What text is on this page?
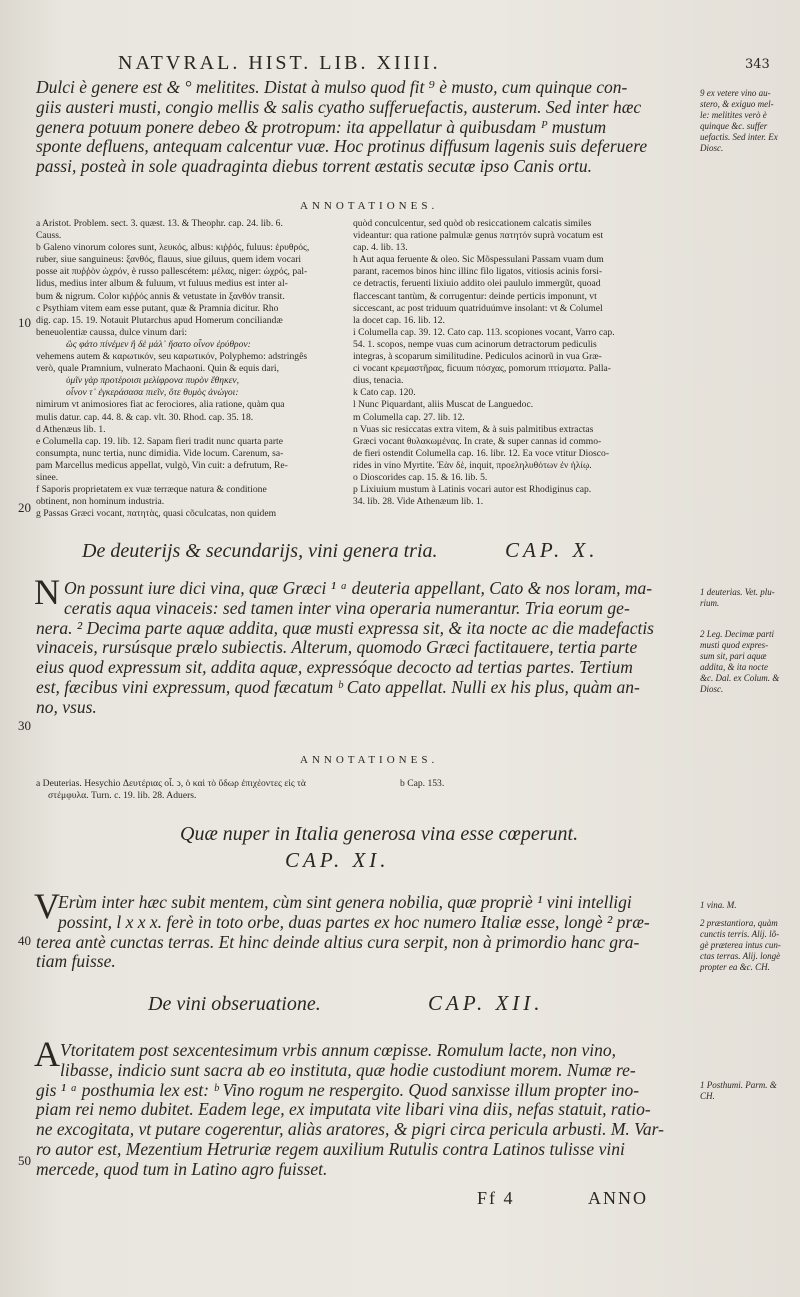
NATVRAL. HIST. LIB. XIIII.	343

Dulci è genere est & ° melitites. Distat à mulso quod fit ⁹ è musto, cum quinque con-

giis austeri musti, congio mellis & salis cyatho sufferuefactis, austerum. Sed inter hæc

genera potuum ponere debeo & protropum: ita appellatur à quibusdam ᴾ mustum

sponte defluens, antequam calcentur vuæ. Hoc protinus diffusum lagenis suis deferuere

passi, posteà in sole quadraginta diebus torrent æstatis secutæ ipso Canis ortu.

9 ex vetere vino au-
stero, & exiguo mel-
le: melitites verò è
quinque &c. suffer
uefactis. Sed inter. Ex
Diosc.
ANNOTATIONES.
a Aristot. Problem. sect. 3. quæst. 13. & Theophr. cap. 24. lib. 6.
Causs.
b Galeno vinorum colores sunt, λευκός, albus: κιῤῥός, fuluus: ἐρυθρός,
ruber, siue sanguineus: ξανθός, flauus, siue giluus, quem idem vocari
posse ait πυῤῥὸν ὠχρόν, è russo pallescétem: μέλας, niger: ὠχρός, pal-
lidus, medius inter album & fuluum, vt fuluus medius est inter al-
bum & nigrum. Color κιῤῥός annis & vetustate in ξανθόν transit.
c Psythiam vitem eam esse putant, quæ & Pramnia dicitur. Rho
dig. cap. 15. 19. Notauit Plutarchus apud Homerum conciliandæ
beneuolentiæ caussa, dulce vinum dari:
ὣς φάτο πίνέμεν ἢ δὲ μάλ᾽ ἤσατο οἶνον ἐρύθρον:
vehemens autem & καρωτικόν, seu καρωτικόν, Polyphemo: adstringês
verò, quale Pramnium, vulnerato Machaoni. Quin & equis dari,
ὑμῖν γὰρ προτέροισι μελίφρονα πυρὸν ἔθηκεν,
οἶνον τ᾽ ἐγκεράσασα πιεῖν, ὅτε θυμὸς ἀνώγοι:
nimirum vt animosiores fiat ac ferociores, alia ratione, quàm qua
mulis datur. cap. 44. 8. & cap. vlt. 30. Rhod. cap. 35. 18.
d Athenæus lib. 1.
e Columella cap. 19. lib. 12. Sapam fieri tradit nunc quarta parte
consumpta, nunc tertia, nunc dimidia. Vide locum. Carenum, sa-
pam Marcellus medicus appellat, vulgò, Vin cuit: a defrutum, Re-
sinee.
f Saporis proprietatem ex vuæ terræque natura & conditione
obtinent, non hominum industria.
g Passas Græci vocant, πατητὰς, quasi cõculcatas, non quidem
quòd conculcentur, sed quòd ob resiccationem calcatis similes
videantur: qua ratione palmulæ genus πατητόν suprà vocatum est
cap. 4. lib. 13.
h Aut aqua feruente & oleo. Sic Mõspessulani Passam vuam dum
parant, racemos binos hinc illinc filo ligatos, vitiosis acinis forsi-
ce detractis, feruenti lixiuio addito olei paululo immergũt, quoad
flaccescant tantùm, & corrugentur: deinde perticis imponunt, vt
siccescant, ac post triduum quatriduúmve insolant: vt & Columel
la docet cap. 16. lib. 12.
i Columella cap. 39. 12. Cato cap. 113. scopiones vocant, Varro cap.
54. 1. scopos, nempe vuas cum acinorum detractorum pediculis
integras, à scoparum similitudine. Pediculos acinorũ in vua Græ-
ci vocant κρεμαστῆρας, ficuum πόσχας, pomorum πτίσματα. Palla-
dius, tenacia.
k Cato cap. 120.
l Nunc Piquardant, aliis Muscat de Languedoc.
m Columella cap. 27. lib. 12.
n Vuas sic resiccatas extra vitem, & à suis palmitibus extractas
Græci vocant θυλακωμένας. In crate, & super cannas id commo-
de fieri ostendit Columella cap. 16. libr. 12. Ea voce vtitur Diosco-
rides in vino Myrtite. Ἐὰν δὲ, inquit, προεληλυθότων ἐν ἡλίῳ.
o Dioscorides cap. 15. & 16. lib. 5.
p Lixiuium mustum à Latinis vocari autor est Rhodiginus cap.
34. lib. 28. Vide Athenæum lib. 1.
De deuterijs & secundarijs, vini genera tria.	CAP. X.
N On possunt iure dici vina, quæ Græci ¹ ᵃ deuteria appellant, Cato & nos loram, ma-

ceratis aqua vinaceis: sed tamen inter vina operaria numerantur. Tria eorum ge-

nera. ² Decima parte aquæ addita, quæ musti expressa sit, & ita nocte ac die madefactis

vinaceis, rursúsque prælo subiectis. Alterum, quomodo Græci factitauere, tertia parte

eius quod expressum sit, addita aquæ, expressóque decocto ad tertias partes. Tertium

est, fæcibus vini expressum, quod fæcatum ᵇ Cato appellat. Nulli ex his plus, quàm an-

no, vsus.

1 deuterias. Vet. plu-
rium.
2 Leg. Decimæ parti
musti quod expres-
sum sit, pari aquæ
addita, & ita nocte
&c. Dal. ex Colum. &
Diosc.
ANNOTATIONES.
a Deuterias. Hesychio Δευτέριας οἶ. ↄ, ὁ καὶ τὸ ὕδωρ ἐπιχέοντες εἰς τὰ
στέμφυλα. Turn. c. 19. lib. 28. Aduers.
b Cap. 153.
Quæ nuper in Italia generosa vina esse cœperunt.
CAP. XI.
V

Erùm inter hæc subit mentem, cùm sint genera nobilia, quæ propriè ¹ vini intelligi

possint, l x x x. ferè in toto orbe, duas partes ex hoc numero Italiæ esse, longè ² præ-

terea antè cunctas terras. Et hinc deinde altius cura serpit, non à primordio hanc gra-

tiam fuisse.

1 vina. M.
2 præstantiora, quàm
cunctis terris. Alij. lõ-
gè præterea intus cun-
ctas terras. Alij. longè
propter ea &c. CH.
De vini obseruatione.	CAP. XII.
A Vtoritatem post sexcentesimum vrbis annum cœpisse. Romulum lacte, non vino,

libasse, indicio sunt sacra ab eo instituta, quæ hodie custodiunt morem. Numæ re-

gis ¹ ᵃ posthumia lex est: ᵇ Vino rogum ne respergito. Quod sanxisse illum propter ino-

piam rei nemo dubitet. Eadem lege, ex imputata vite libari vina diis, nefas statuit, ratio-

ne excogitata, vt putare cogerentur, aliàs aratores, & pigri circa pericula arbusti. M. Var-

ro autor est, Mezentium Hetruriæ regem auxilium Rutulis contra Latinos tulisse vini

mercede, quod tum in Latino agro fuisset.

1 Posthumi. Parm. &
CH.
10
20
30
40
50
Ff 4	ANNO
